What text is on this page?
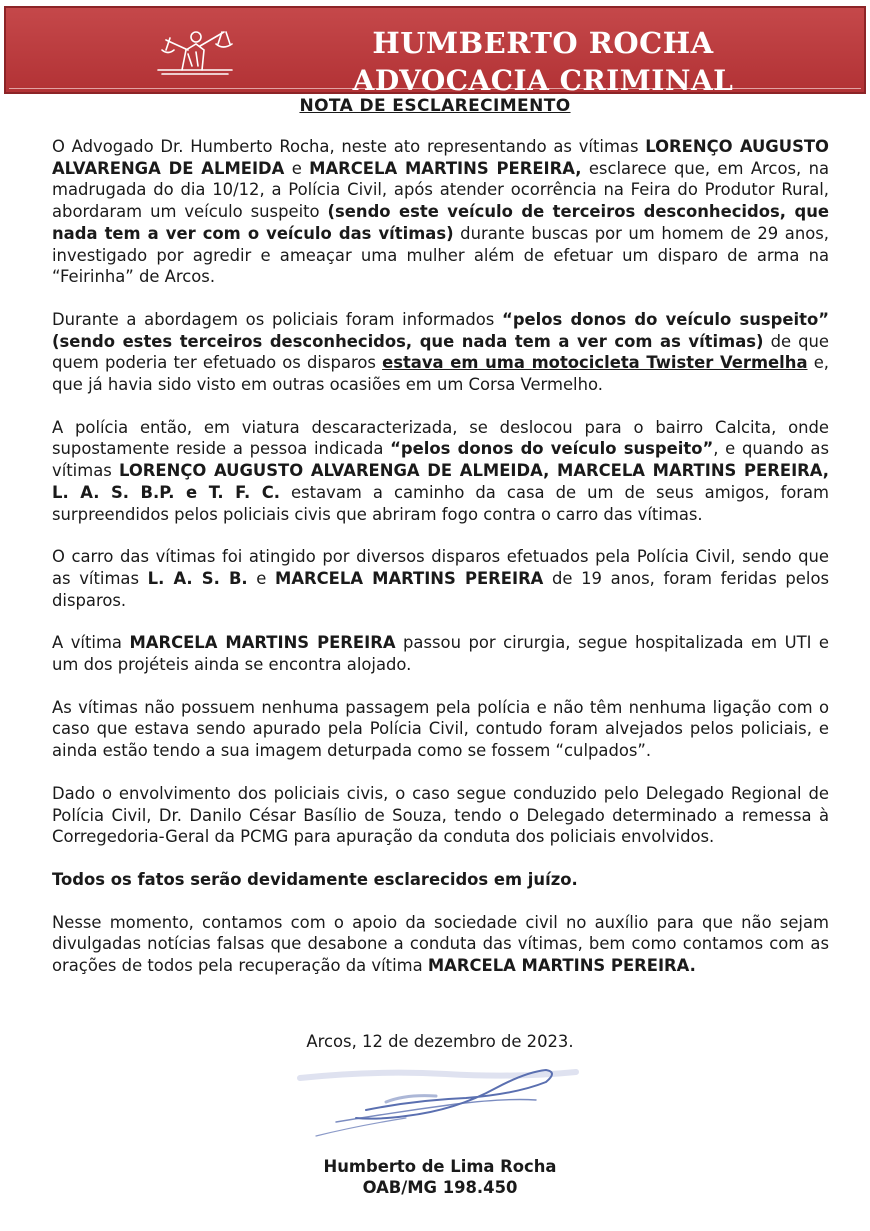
HUMBERTO ROCHA
ADVOCACIA CRIMINAL
NOTA DE ESCLARECIMENTO

O Advogado Dr. Humberto Rocha, neste ato representando as vítimas LORENÇO AUGUSTO ALVARENGA DE ALMEIDA e MARCELA MARTINS PEREIRA, esclarece que, em Arcos, na madrugada do dia 10/12, a Polícia Civil, após atender ocorrência na Feira do Produtor Rural, abordaram um veículo suspeito (sendo este veículo de terceiros desconhecidos, que nada tem a ver com o veículo das vítimas) durante buscas por um homem de 29 anos, investigado por agredir e ameaçar uma mulher além de efetuar um disparo de arma na “Feirinha” de Arcos.

Durante a abordagem os policiais foram informados “pelos donos do veículo suspeito” (sendo estes terceiros desconhecidos, que nada tem a ver com as vítimas) de que quem poderia ter efetuado os disparos estava em uma motocicleta Twister Vermelha e, que já havia sido visto em outras ocasiões em um Corsa Vermelho.

A polícia então, em viatura descaracterizada, se deslocou para o bairro Calcita, onde supostamente reside a pessoa indicada “pelos donos do veículo suspeito”, e quando as vítimas LORENÇO AUGUSTO ALVARENGA DE ALMEIDA, MARCELA MARTINS PEREIRA, L. A. S. B.P. e T. F. C. estavam a caminho da casa de um de seus amigos, foram surpreendidos pelos policiais civis que abriram fogo contra o carro das vítimas.

O carro das vítimas foi atingido por diversos disparos efetuados pela Polícia Civil, sendo que as vítimas L. A. S. B. e MARCELA MARTINS PEREIRA de 19 anos, foram feridas pelos disparos.

A vítima MARCELA MARTINS PEREIRA passou por cirurgia, segue hospitalizada em UTI e um dos projéteis ainda se encontra alojado.

As vítimas não possuem nenhuma passagem pela polícia e não têm nenhuma ligação com o caso que estava sendo apurado pela Polícia Civil, contudo foram alvejados pelos policiais, e ainda estão tendo a sua imagem deturpada como se fossem “culpados”.

Dado o envolvimento dos policiais civis, o caso segue conduzido pelo Delegado Regional de Polícia Civil, Dr. Danilo César Basílio de Souza, tendo o Delegado determinado a remessa à Corregedoria-Geral da PCMG para apuração da conduta dos policiais envolvidos.

Todos os fatos serão devidamente esclarecidos em juízo.

Nesse momento, contamos com o apoio da sociedade civil no auxílio para que não sejam divulgadas notícias falsas que desabone a conduta das vítimas, bem como contamos com as orações de todos pela recuperação da vítima MARCELA MARTINS PEREIRA.

Arcos, 12 de dezembro de 2023.
Humberto de Lima Rocha
OAB/MG 198.450
